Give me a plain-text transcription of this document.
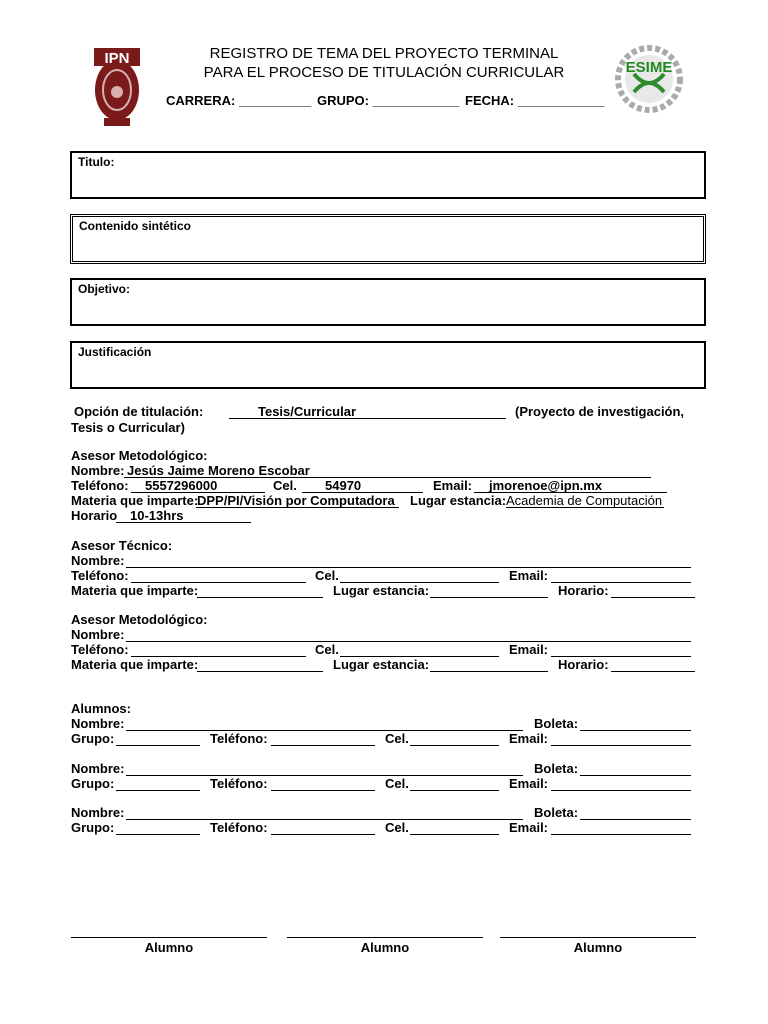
IPN
ESIME
REGISTRO DE TEMA DEL PROYECTO TERMINAL
PARA EL PROCESO DE TITULACIÓN CURRICULAR
CARRERA: __________ GRUPO: ____________ FECHA: ____________
Titulo:
Contenido sintético
Objetivo:
Justificación
Opción de titulación:	Tesis/Curricular	(Proyecto de investigación,
Tesis o Curricular)
Asesor Metodológico:
Nombre: Jesús Jaime Moreno Escobar
Teléfono: 5557296000	Cel. 54970	Email: jmorenoe@ipn.mx
Materia que imparte:
DPP/PI/Visión por Computadora Lugar estancia: Academia de Computación
Horario 10-13hrs
Asesor Técnico:
Nombre:
Teléfono:	Cel.	Email:
Materia que imparte:	Lugar estancia:	Horario:
Asesor Metodológico:
Nombre:
Teléfono:	Cel.	Email:
Materia que imparte:	Lugar estancia:	Horario:
Alumnos:
Nombre:	Boleta:
Grupo:	Teléfono:	Cel.	Email:
Nombre:	Boleta:
Grupo:	Teléfono:	Cel.	Email:
Nombre:	Boleta:
Grupo:	Teléfono:	Cel.	Email:
Alumno	Alumno	Alumno
